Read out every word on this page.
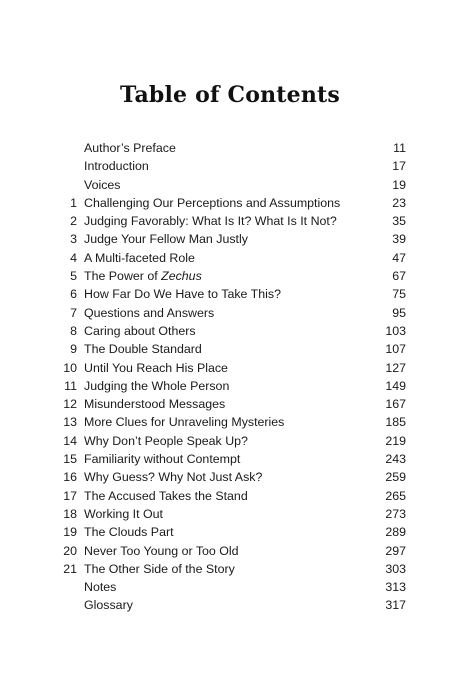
Table of Contents
Author’s Preface	11
Introduction	17
Voices	19
1 Challenging Our Perceptions and Assumptions	23
2 Judging Favorably: What Is It? What Is It Not?	35
3 Judge Your Fellow Man Justly	39
4 A Multi-faceted Role	47
5 The Power of Zechus	67
6 How Far Do We Have to Take This?	75
7 Questions and Answers	95
8 Caring about Others	103
9 The Double Standard	107
10 Until You Reach His Place	127
11 Judging the Whole Person	149
12 Misunderstood Messages	167
13 More Clues for Unraveling Mysteries	185
14 Why Don’t People Speak Up?	219
15 Familiarity without Contempt	243
16 Why Guess? Why Not Just Ask?	259
17 The Accused Takes the Stand	265
18 Working It Out	273
19 The Clouds Part	289
20 Never Too Young or Too Old	297
21 The Other Side of the Story	303
Notes	313
Glossary	317
